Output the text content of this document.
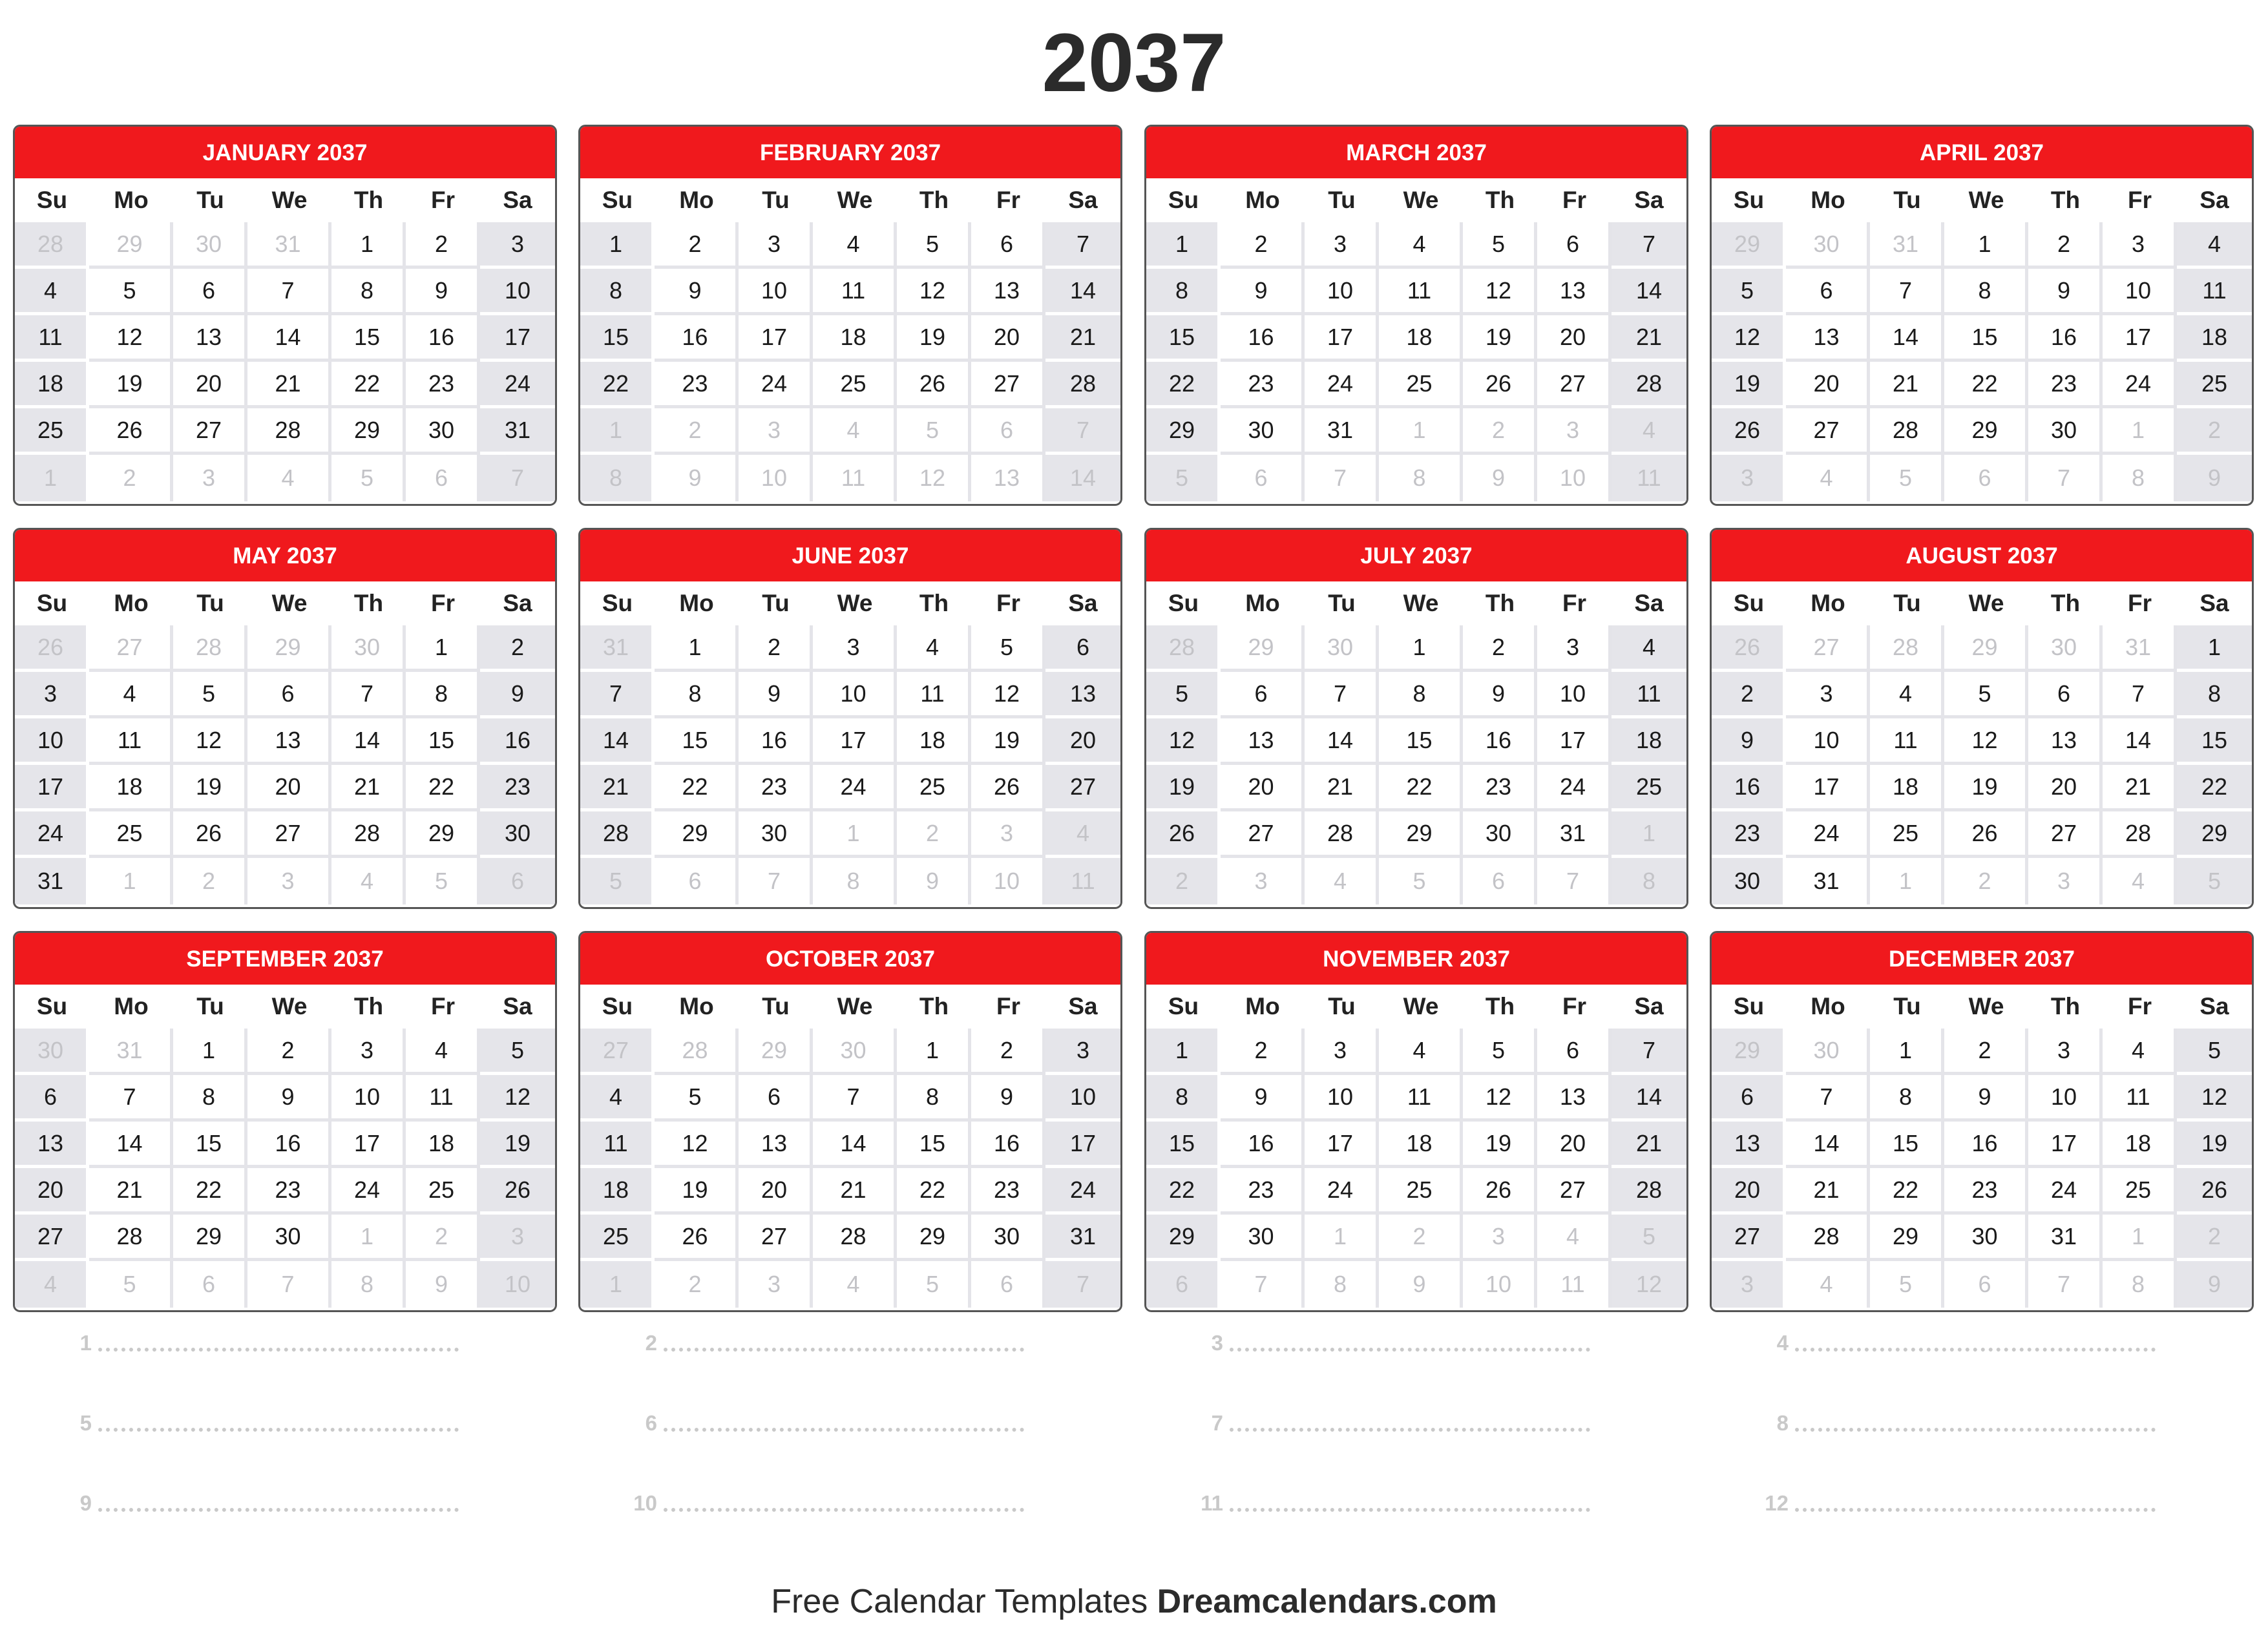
2037
JANUARY 2037
Su	Mo	Tu	We	Th	Fr	Sa
28	29	30	31	1	2	3
4	5	6	7	8	9	10
11	12	13	14	15	16	17
18	19	20	21	22	23	24
25	26	27	28	29	30	31
1	2	3	4	5	6	7
FEBRUARY 2037
Su	Mo	Tu	We	Th	Fr	Sa
1	2	3	4	5	6	7
8	9	10	11	12	13	14
15	16	17	18	19	20	21
22	23	24	25	26	27	28
1	2	3	4	5	6	7
8	9	10	11	12	13	14
MARCH 2037
Su	Mo	Tu	We	Th	Fr	Sa
1	2	3	4	5	6	7
8	9	10	11	12	13	14
15	16	17	18	19	20	21
22	23	24	25	26	27	28
29	30	31	1	2	3	4
5	6	7	8	9	10	11
APRIL 2037
Su	Mo	Tu	We	Th	Fr	Sa
29	30	31	1	2	3	4
5	6	7	8	9	10	11
12	13	14	15	16	17	18
19	20	21	22	23	24	25
26	27	28	29	30	1	2
3	4	5	6	7	8	9
MAY 2037
Su	Mo	Tu	We	Th	Fr	Sa
26	27	28	29	30	1	2
3	4	5	6	7	8	9
10	11	12	13	14	15	16
17	18	19	20	21	22	23
24	25	26	27	28	29	30
31	1	2	3	4	5	6
JUNE 2037
Su	Mo	Tu	We	Th	Fr	Sa
31	1	2	3	4	5	6
7	8	9	10	11	12	13
14	15	16	17	18	19	20
21	22	23	24	25	26	27
28	29	30	1	2	3	4
5	6	7	8	9	10	11
JULY 2037
Su	Mo	Tu	We	Th	Fr	Sa
28	29	30	1	2	3	4
5	6	7	8	9	10	11
12	13	14	15	16	17	18
19	20	21	22	23	24	25
26	27	28	29	30	31	1
2	3	4	5	6	7	8
AUGUST 2037
Su	Mo	Tu	We	Th	Fr	Sa
26	27	28	29	30	31	1
2	3	4	5	6	7	8
9	10	11	12	13	14	15
16	17	18	19	20	21	22
23	24	25	26	27	28	29
30	31	1	2	3	4	5
SEPTEMBER 2037
Su	Mo	Tu	We	Th	Fr	Sa
30	31	1	2	3	4	5
6	7	8	9	10	11	12
13	14	15	16	17	18	19
20	21	22	23	24	25	26
27	28	29	30	1	2	3
4	5	6	7	8	9	10
OCTOBER 2037
Su	Mo	Tu	We	Th	Fr	Sa
27	28	29	30	1	2	3
4	5	6	7	8	9	10
11	12	13	14	15	16	17
18	19	20	21	22	23	24
25	26	27	28	29	30	31
1	2	3	4	5	6	7
NOVEMBER 2037
Su	Mo	Tu	We	Th	Fr	Sa
1	2	3	4	5	6	7
8	9	10	11	12	13	14
15	16	17	18	19	20	21
22	23	24	25	26	27	28
29	30	1	2	3	4	5
6	7	8	9	10	11	12
DECEMBER 2037
Su	Mo	Tu	We	Th	Fr	Sa
29	30	1	2	3	4	5
6	7	8	9	10	11	12
13	14	15	16	17	18	19
20	21	22	23	24	25	26
27	28	29	30	31	1	2
3	4	5	6	7	8	9
1	2	3	4
5	6	7	8
9	10	11	12
Free Calendar Templates Dreamcalendars.com
